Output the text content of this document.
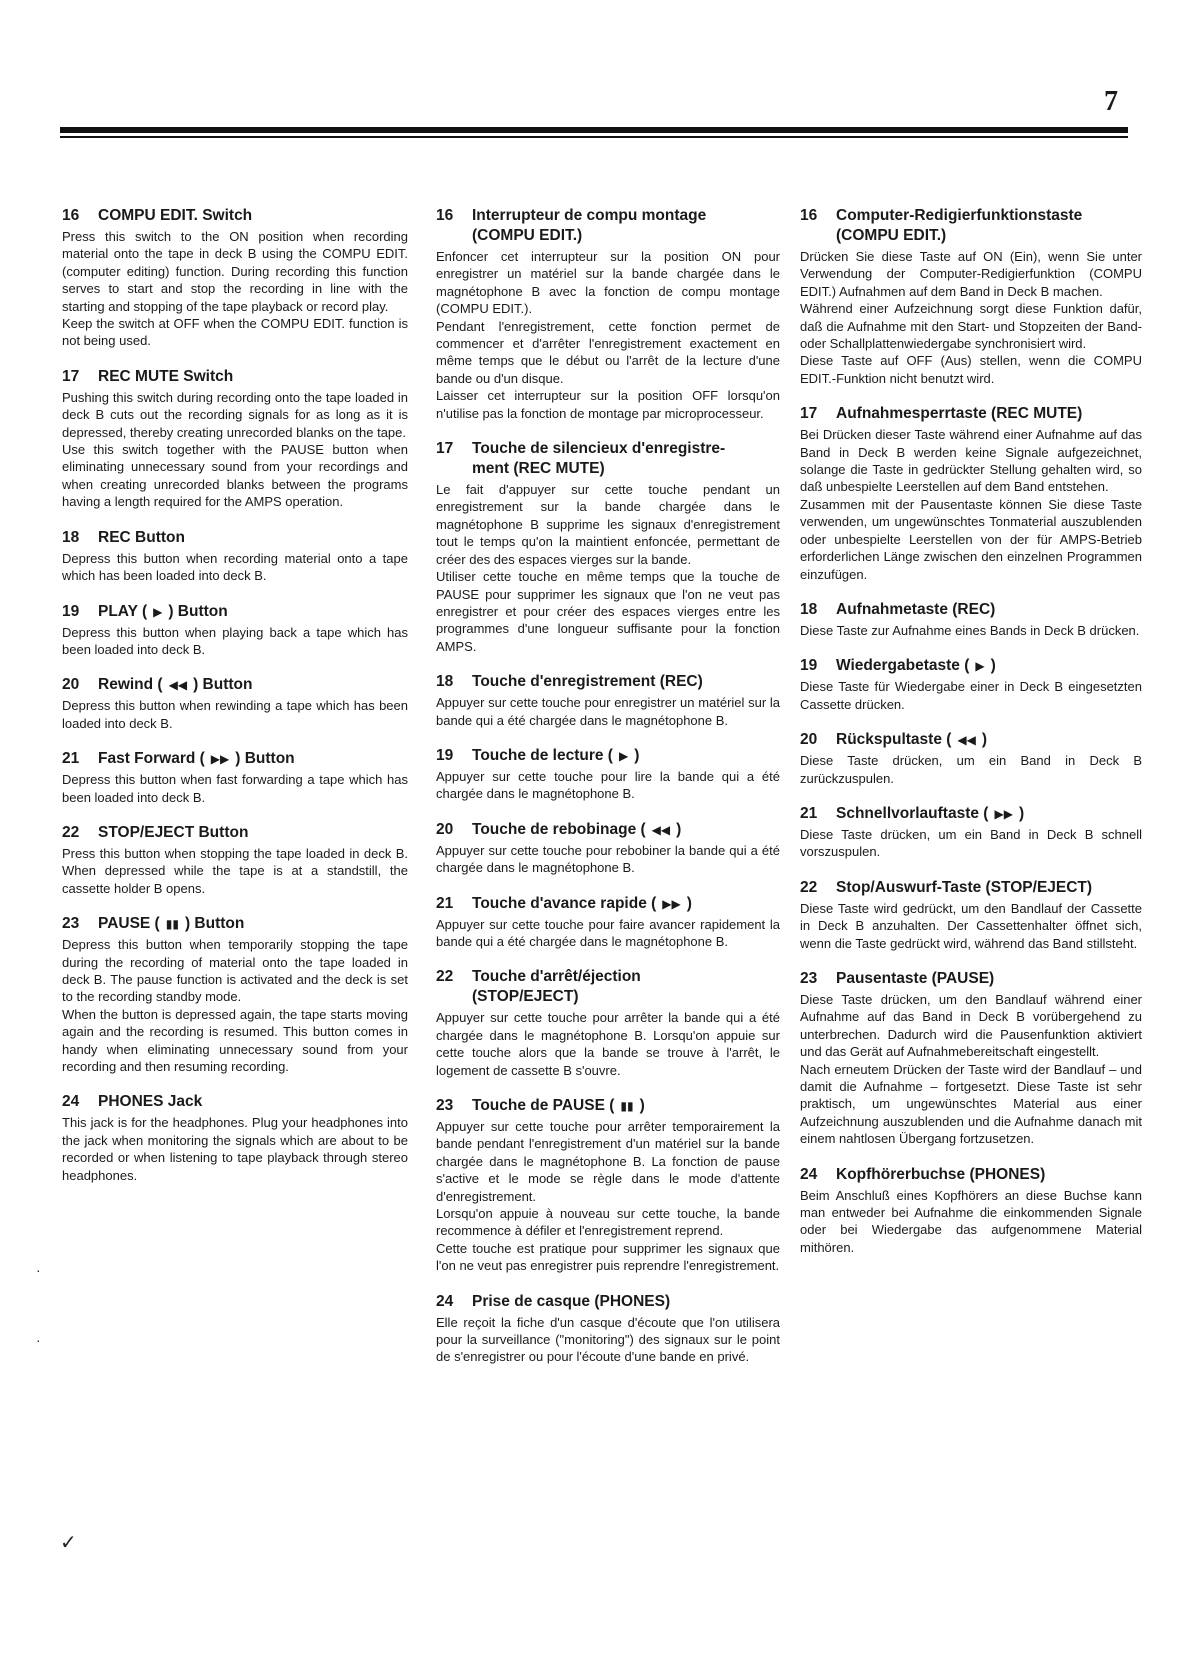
7
16 COMPU EDIT. Switch

Press this switch to the ON position when recording material onto the tape in deck B using the COMPU EDIT. (computer editing) function. During recording this function serves to start and stop the recording in line with the starting and stopping of the tape playback or record play.
Keep the switch at OFF when the COMPU EDIT. function is not being used.

17 REC MUTE Switch

Pushing this switch during recording onto the tape loaded in deck B cuts out the recording signals for as long as it is depressed, thereby creating unrecorded blanks on the tape.
Use this switch together with the PAUSE button when eliminating unnecessary sound from your recordings and when creating unrecorded blanks between the programs having a length required for the AMPS operation.

18 REC Button

Depress this button when recording material onto a tape which has been loaded into deck B.

19 PLAY ( ▶ ) Button

Depress this button when playing back a tape which has been loaded into deck B.

20 Rewind ( ◀◀ ) Button

Depress this button when rewinding a tape which has been loaded into deck B.

21 Fast Forward ( ▶▶ ) Button

Depress this button when fast forwarding a tape which has been loaded into deck B.

22 STOP/EJECT Button

Press this button when stopping the tape loaded in deck B. When depressed while the tape is at a standstill, the cassette holder B opens.

23 PAUSE ( ▮▮ ) Button

Depress this button when temporarily stopping the tape during the recording of material onto the tape loaded in deck B. The pause function is activated and the deck is set to the recording standby mode.
When the button is depressed again, the tape starts moving again and the recording is resumed. This button comes in handy when eliminating unnecessary sound from your recording and then resuming recording.

24 PHONES Jack

This jack is for the headphones. Plug your headphones into the jack when monitoring the signals which are about to be recorded or when listening to tape playback through stereo headphones.

16 Interrupteur de compu montage
(COMPU EDIT.)

Enfoncer cet interrupteur sur la position ON pour enregistrer un matériel sur la bande chargée dans le magnétophone B avec la fonction de compu montage (COMPU EDIT.).
Pendant l'enregistrement, cette fonction permet de commencer et d'arrêter l'enregistrement exactement en même temps que le début ou l'arrêt de la lecture d'une bande ou d'un disque.
Laisser cet interrupteur sur la position OFF lorsqu'on n'utilise pas la fonction de montage par microprocesseur.

17 Touche de silencieux d'enregistre-
ment (REC MUTE)

Le fait d'appuyer sur cette touche pendant un enregistrement sur la bande chargée dans le magnétophone B supprime les signaux d'enregistrement tout le temps qu'on la maintient enfoncée, permettant de créer des des espaces vierges sur la bande.
Utiliser cette touche en même temps que la touche de PAUSE pour supprimer les signaux que l'on ne veut pas enregistrer et pour créer des espaces vierges entre les programmes d'une longueur suffisante pour la fonction AMPS.

18 Touche d'enregistrement (REC)

Appuyer sur cette touche pour enregistrer un matériel sur la bande qui a été chargée dans le magnétophone B.

19 Touche de lecture ( ▶ )

Appuyer sur cette touche pour lire la bande qui a été chargée dans le magnétophone B.

20 Touche de rebobinage ( ◀◀ )

Appuyer sur cette touche pour rebobiner la bande qui a été chargée dans le magnétophone B.

21 Touche d'avance rapide ( ▶▶ )

Appuyer sur cette touche pour faire avancer rapidement la bande qui a été chargée dans le magnétophone B.

22 Touche d'arrêt/éjection
(STOP/EJECT)

Appuyer sur cette touche pour arrêter la bande qui a été chargée dans le magnétophone B. Lorsqu'on appuie sur cette touche alors que la bande se trouve à l'arrêt, le logement de cassette B s'ouvre.

23 Touche de PAUSE ( ▮▮ )

Appuyer sur cette touche pour arrêter temporairement la bande pendant l'enregistrement d'un matériel sur la bande chargée dans le magnétophone B. La fonction de pause s'active et le mode se règle dans le mode d'attente d'enregistrement.
Lorsqu'on appuie à nouveau sur cette touche, la bande recommence à défiler et l'enregistrement reprend.
Cette touche est pratique pour supprimer les signaux que l'on ne veut pas enregistrer puis reprendre l'enregistrement.

24 Prise de casque (PHONES)

Elle reçoit la fiche d'un casque d'écoute que l'on utilisera pour la surveillance ("monitoring") des signaux sur le point de s'enregistrer ou pour l'écoute d'une bande en privé.

16 Computer-Redigierfunktionstaste
(COMPU EDIT.)

Drücken Sie diese Taste auf ON (Ein), wenn Sie unter Verwendung der Computer-Redigierfunktion (COMPU EDIT.) Aufnahmen auf dem Band in Deck B machen.
Während einer Aufzeichnung sorgt diese Funktion dafür, daß die Aufnahme mit den Start- und Stopzeiten der Band- oder Schallplattenwiedergabe synchronisiert wird.
Diese Taste auf OFF (Aus) stellen, wenn die COMPU EDIT.-Funktion nicht benutzt wird.

17 Aufnahmesperrtaste (REC MUTE)

Bei Drücken dieser Taste während einer Aufnahme auf das Band in Deck B werden keine Signale aufgezeichnet, solange die Taste in gedrückter Stellung gehalten wird, so daß unbespielte Leerstellen auf dem Band entstehen.
Zusammen mit der Pausentaste können Sie diese Taste verwenden, um ungewünschtes Tonmaterial auszublenden oder unbespielte Leerstellen von der für AMPS-Betrieb erforderlichen Länge zwischen den einzelnen Programmen einzufügen.

18 Aufnahmetaste (REC)

Diese Taste zur Aufnahme eines Bands in Deck B drücken.

19 Wiedergabetaste ( ▶ )

Diese Taste für Wiedergabe einer in Deck B eingesetzten Cassette drücken.

20 Rückspultaste ( ◀◀ )

Diese Taste drücken, um ein Band in Deck B zurückzuspulen.

21 Schnellvorlauftaste ( ▶▶ )

Diese Taste drücken, um ein Band in Deck B schnell vorszuspulen.

22 Stop/Auswurf-Taste (STOP/EJECT)

Diese Taste wird gedrückt, um den Bandlauf der Cassette in Deck B anzuhalten. Der Cassettenhalter öffnet sich, wenn die Taste gedrückt wird, während das Band stillsteht.

23 Pausentaste (PAUSE)

Diese Taste drücken, um den Bandlauf während einer Aufnahme auf das Band in Deck B vorübergehend zu unterbrechen. Dadurch wird die Pausenfunktion aktiviert und das Gerät auf Aufnahmebereitschaft eingestellt.
Nach erneutem Drücken der Taste wird der Bandlauf – und damit die Aufnahme – fortgesetzt. Diese Taste ist sehr praktisch, um ungewünschtes Material aus einer Aufzeichnung auszublenden und die Aufnahme danach mit einem nahtlosen Übergang fortzusetzen.

24 Kopfhörerbuchse (PHONES)

Beim Anschluß eines Kopfhörers an diese Buchse kann man entweder bei Aufnahme die einkommenden Signale oder bei Wiedergabe das aufgenommene Material mithören.

·
·
✓
